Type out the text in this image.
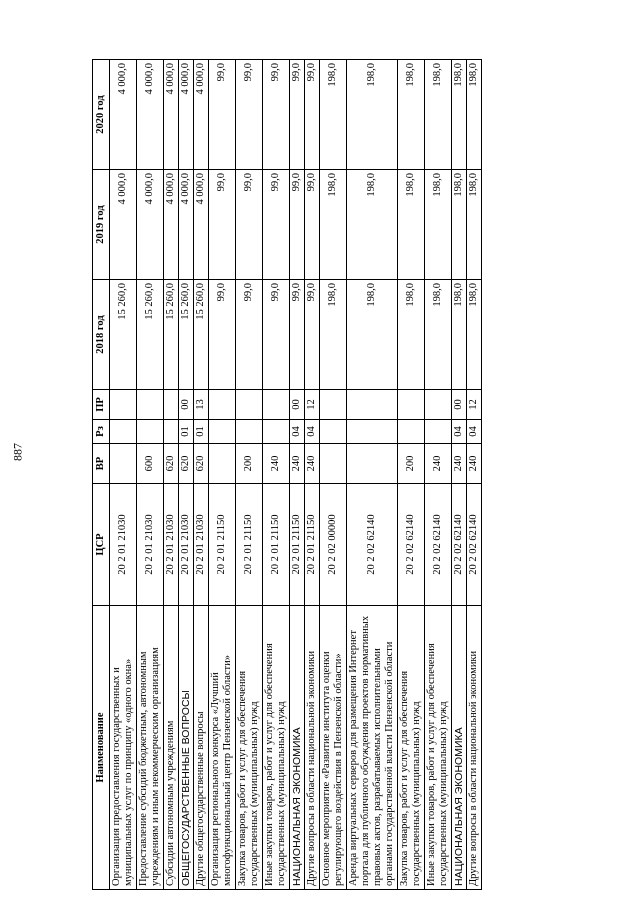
887
Наименование	ЦСР	ВР	Рз	ПР	2018 год	2019 год	2020 год
Организация предоставления государственных и муниципальных услуг по принципу «одного окна»	20 2 01 21030				15 260,0	4 000,0	4 000,0
Предоставление субсидий бюджетным, автономным учреждениям и иным некоммерческим организациям	20 2 01 21030	600			15 260,0	4 000,0	4 000,0
Субсидии автономным учреждениям	20 2 01 21030	620			15 260,0	4 000,0	4 000,0
ОБЩЕГОСУДАРСТВЕННЫЕ ВОПРОСЫ	20 2 01 21030	620	01	00	15 260,0	4 000,0	4 000,0
Другие общегосударственные вопросы	20 2 01 21030	620	01	13	15 260,0	4 000,0	4 000,0
Организация регионального конкурса «Лучший многофункциональный центр Пензенской области»	20 2 01 21150				99,0	99,0	99,0
Закупка товаров, работ и услуг для обеспечения государственных (муниципальных) нужд	20 2 01 21150	200			99,0	99,0	99,0
Иные закупки товаров, работ и услуг для обеспечения государственных (муниципальных) нужд	20 2 01 21150	240			99,0	99,0	99,0
НАЦИОНАЛЬНАЯ ЭКОНОМИКА	20 2 01 21150	240	04	00	99,0	99,0	99,0
Другие вопросы в области национальной экономики	20 2 01 21150	240	04	12	99,0	99,0	99,0
Основное мероприятие «Развитие института оценки регулирующего воздействия в Пензенской области»	20 2 02 00000				198,0	198,0	198,0
Аренда виртуальных серверов для размещения Интернет портала для публичного обсуждения проектов нормативных правовых актов, разрабатываемых исполнительными органами государственной власти Пензенской области	20 2 02 62140				198,0	198,0	198,0
Закупка товаров, работ и услуг для обеспечения государственных (муниципальных) нужд	20 2 02 62140	200			198,0	198,0	198,0
Иные закупки товаров, работ и услуг для обеспечения государственных (муниципальных) нужд	20 2 02 62140	240			198,0	198,0	198,0
НАЦИОНАЛЬНАЯ ЭКОНОМИКА	20 2 02 62140	240	04	00	198,0	198,0	198,0
Другие вопросы в области национальной экономики	20 2 02 62140	240	04	12	198,0	198,0	198,0
